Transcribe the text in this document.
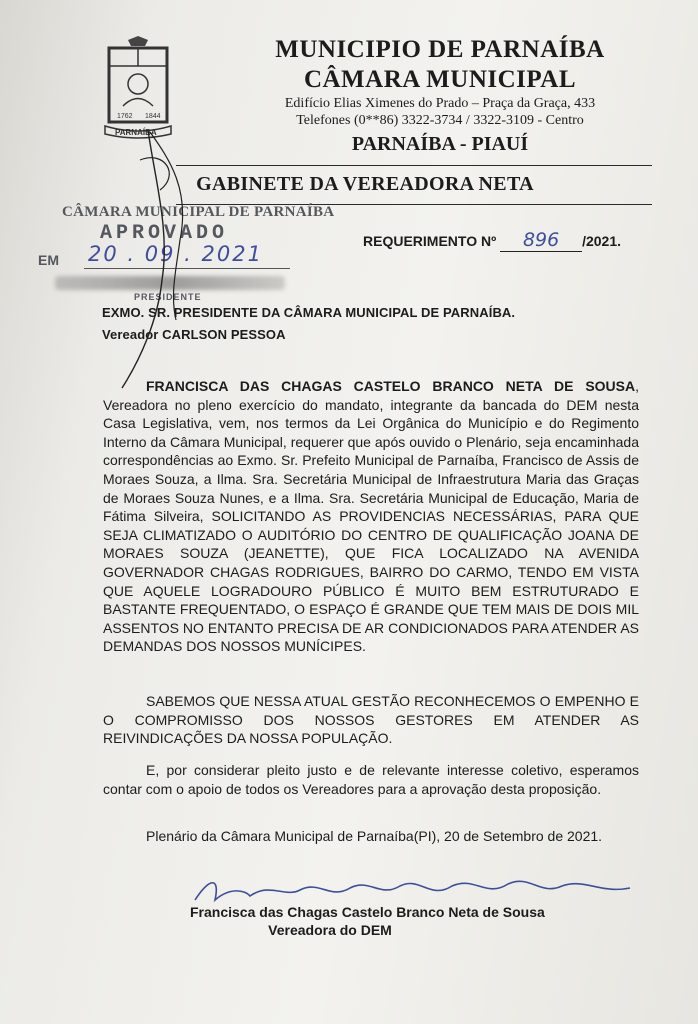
1762 1844
PARNAÍBA
MUNICIPIO DE PARNAÍBA
CÂMARA MUNICIPAL
Edifício Elias Ximenes do Prado – Praça da Graça, 433
Telefones (0**86) 3322-3734 / 3322-3109 - Centro
PARNAÍBA - PIAUÍ
GABINETE DA VEREADORA NETA
CÂMARA MUNICIPAL DE PARNAÍBA
APROVADO
EM 20 . 09 . 2021
PRESIDENTE
REQUERIMENTO Nº 896 /2021.
EXMO. SR. PRESIDENTE DA CÂMARA MUNICIPAL DE PARNAÍBA.
Vereador CARLSON PESSOA
FRANCISCA DAS CHAGAS CASTELO BRANCO NETA DE SOUSA, Vereadora no pleno exercício do mandato, integrante da bancada do DEM nesta Casa Legislativa, vem, nos termos da Lei Orgânica do Município e do Regimento Interno da Câmara Municipal, requerer que após ouvido o Plenário, seja encaminhada correspondências ao Exmo. Sr. Prefeito Municipal de Parnaíba, Francisco de Assis de Moraes Souza, a Ilma. Sra. Secretária Municipal de Infraestrutura Maria das Graças de Moraes Souza Nunes, e a Ilma. Sra. Secretária Municipal de Educação, Maria de Fátima Silveira, SOLICITANDO AS PROVIDENCIAS NECESSÁRIAS, PARA QUE SEJA CLIMATIZADO O AUDITÓRIO DO CENTRO DE QUALIFICAÇÃO JOANA DE MORAES SOUZA (JEANETTE), QUE FICA LOCALIZADO NA AVENIDA GOVERNADOR CHAGAS RODRIGUES, BAIRRO DO CARMO, TENDO EM VISTA QUE AQUELE LOGRADOURO PÚBLICO É MUITO BEM ESTRUTURADO E BASTANTE FREQUENTADO, O ESPAÇO É GRANDE QUE TEM MAIS DE DOIS MIL ASSENTOS NO ENTANTO PRECISA DE AR CONDICIONADOS PARA ATENDER AS DEMANDAS DOS NOSSOS MUNÍCIPES.
SABEMOS QUE NESSA ATUAL GESTÃO RECONHECEMOS O EMPENHO E O COMPROMISSO DOS NOSSOS GESTORES EM ATENDER AS REIVINDICAÇÕES DA NOSSA POPULAÇÃO.
E, por considerar pleito justo e de relevante interesse coletivo, esperamos contar com o apoio de todos os Vereadores para a aprovação desta proposição.
Plenário da Câmara Municipal de Parnaíba(PI), 20 de Setembro de 2021.
Francisca das Chagas Castelo Branco Neta de Sousa
Vereadora do DEM
